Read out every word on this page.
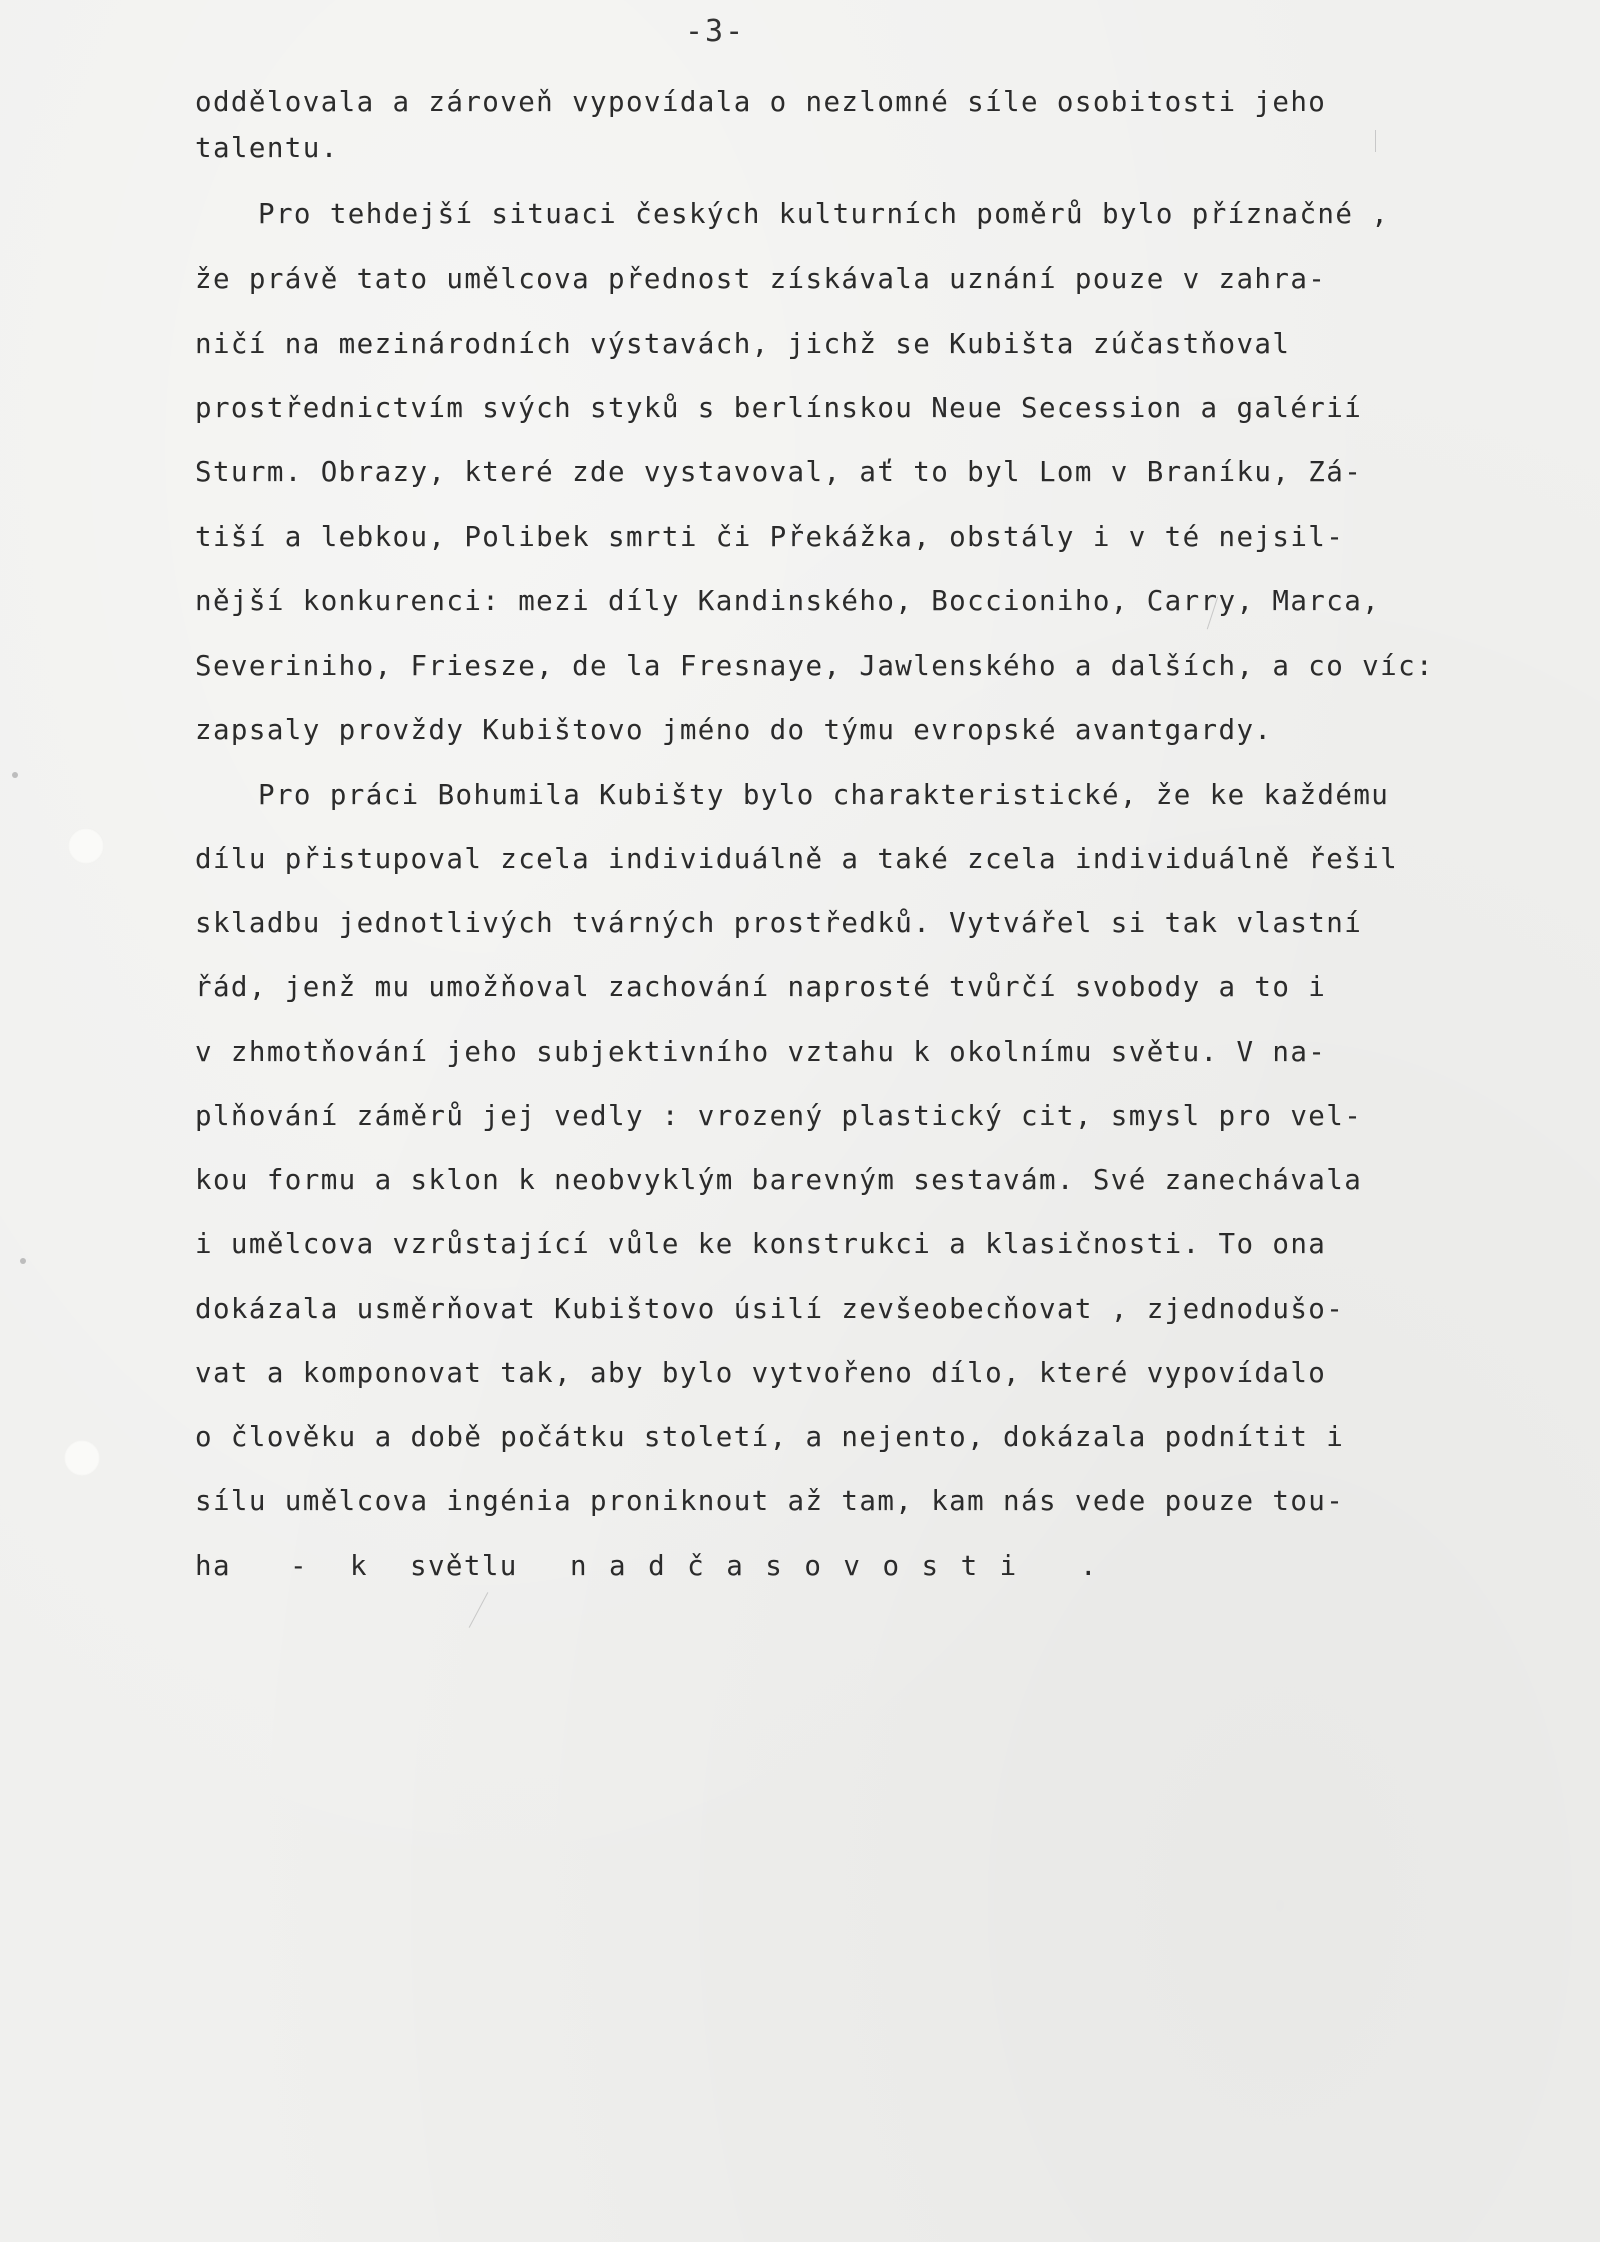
-3-
oddělovala a zároveň vypovídala o nezlomné síle osobitosti jeho
talentu.
Pro tehdejší situaci českých kulturních poměrů bylo příznačné ,
že právě tato umělcova přednost získávala uznání pouze v zahra-
ničí na mezinárodních výstavách, jichž se Kubišta zúčastňoval
prostřednictvím svých styků s berlínskou Neue Secession a galérií
Sturm. Obrazy, které zde vystavoval, ať to byl Lom v Braníku, Zá-
tiší a lebkou, Polibek smrti či Překážka, obstály i v té nejsil-
nější konkurenci: mezi díly Kandinského, Boccioniho, Carry, Marca,
Severiniho, Friesze, de la Fresnaye, Jawlenského a dalších, a co víc:
zapsaly provždy Kubištovo jméno do týmu evropské avantgardy.
Pro práci Bohumila Kubišty bylo charakteristické, že ke každému
dílu přistupoval zcela individuálně a také zcela individuálně řešil
skladbu jednotlivých tvárných prostředků. Vytvářel si tak vlastní
řád, jenž mu umožňoval zachování naprosté tvůrčí svobody a to i
v zhmotňování jeho subjektivního vztahu k okolnímu světu. V na-
plňování záměrů jej vedly : vrozený plastický cit, smysl pro vel-
kou formu a sklon k neobvyklým barevným sestavám. Své zanechávala
i umělcova vzrůstající vůle ke konstrukci a klasičnosti. To ona
dokázala usměrňovat Kubištovo úsilí zevšeobecňovat , zjednodušo-
vat a komponovat tak, aby bylo vytvořeno dílo, které vypovídalo
o člověku a době počátku století, a nejento, dokázala podnítit i
sílu umělcova ingénia proniknout až tam, kam nás vede pouze tou-
ha - k světlu nadčasovosti .
